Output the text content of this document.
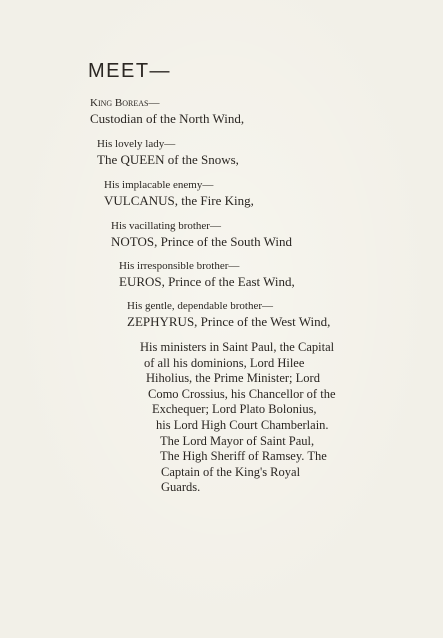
MEET—
King Boreas—
Custodian of the North Wind,
His lovely lady—
The QUEEN of the Snows,
His implacable enemy—
VULCANUS, the Fire King,
His vacillating brother—
NOTOS, Prince of the South Wind
His irresponsible brother—
EUROS, Prince of the East Wind,
His gentle, dependable brother—
ZEPHYRUS, Prince of the West Wind,
His ministers in Saint Paul, the Capital
of all his dominions, Lord Hilee
Hiholius, the Prime Minister; Lord
Como Crossius, his Chancellor of the
Exchequer; Lord Plato Bolonius,
his Lord High Court Chamberlain.
The Lord Mayor of Saint Paul,
The High Sheriff of Ramsey. The
Captain of the King's Royal
Guards.
